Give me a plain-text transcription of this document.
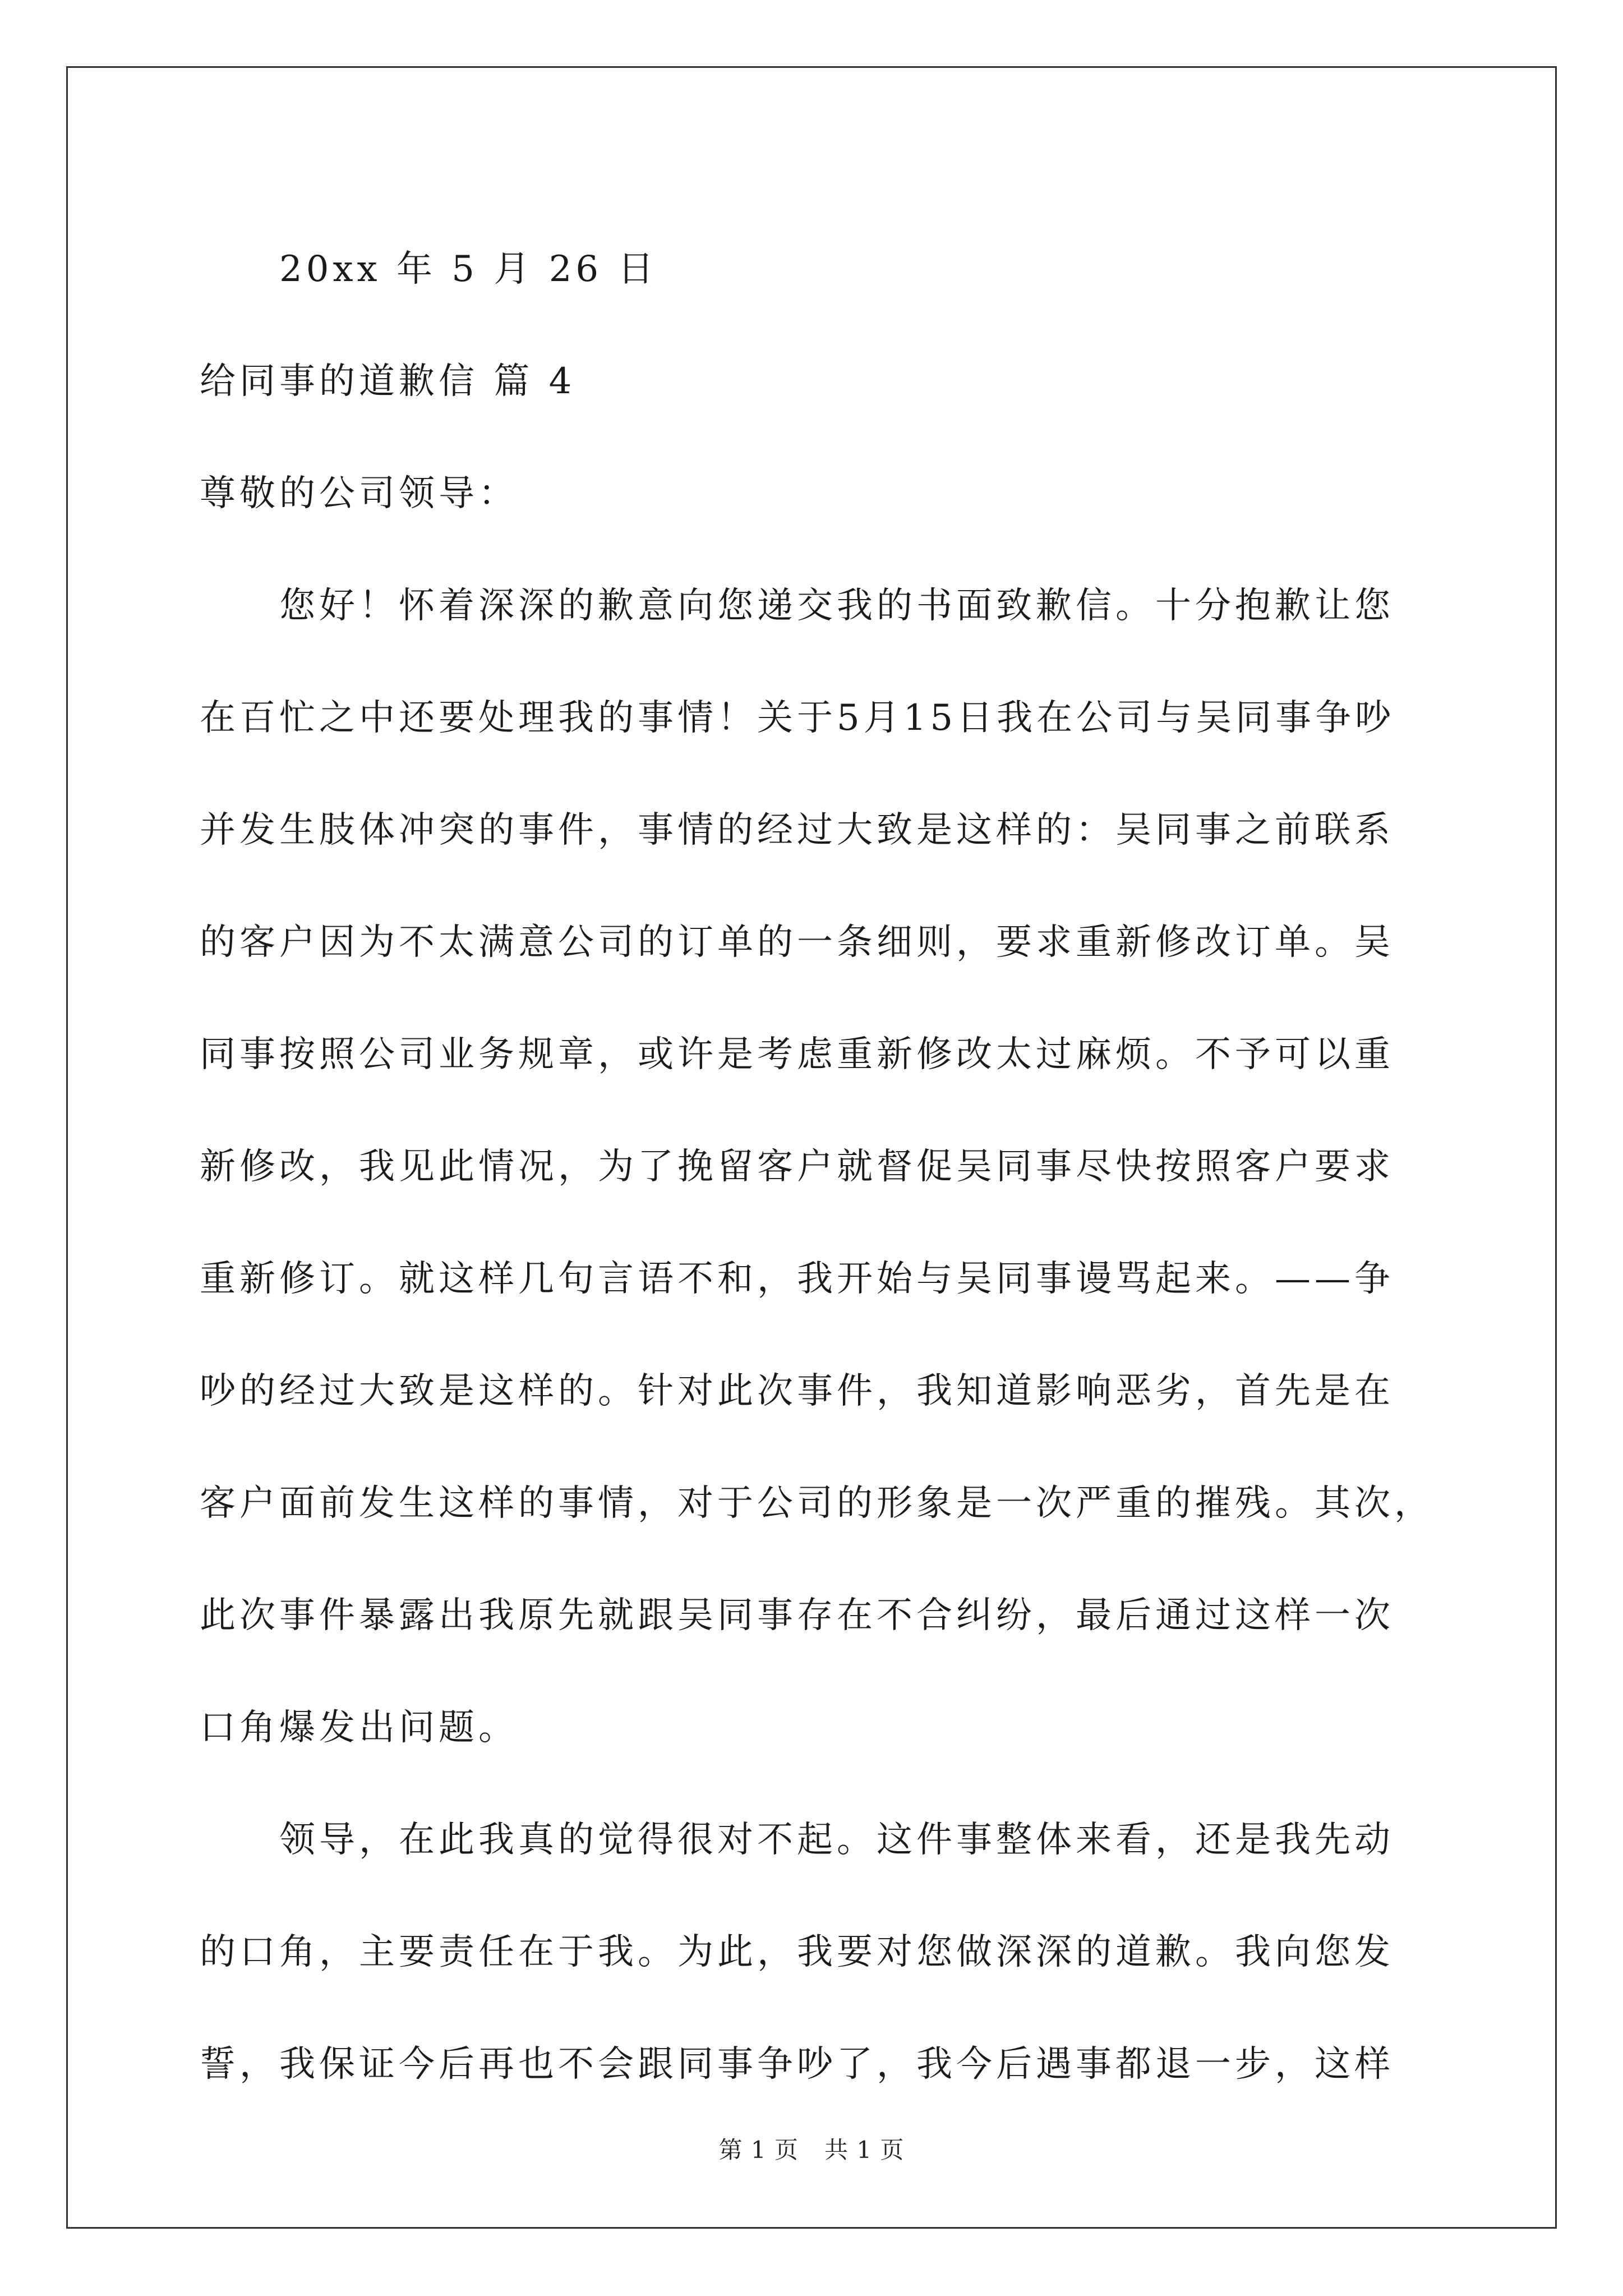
20xx 年 5 月 26 日
给同事的道歉信 篇 4
尊敬的公司领导：
您好！怀着深深的歉意向您递交我的书面致歉信。十分抱歉让您
在百忙之中还要处理我的事情！关于5月15日我在公司与吴同事争吵
并发生肢体冲突的事件，事情的经过大致是这样的：吴同事之前联系
的客户因为不太满意公司的订单的一条细则，要求重新修改订单。吴
同事按照公司业务规章，或许是考虑重新修改太过麻烦。不予可以重
新修改，我见此情况，为了挽留客户就督促吴同事尽快按照客户要求
重新修订。就这样几句言语不和，我开始与吴同事谩骂起来。——争
吵的经过大致是这样的。针对此次事件，我知道影响恶劣，首先是在
客户面前发生这样的事情，对于公司的形象是一次严重的摧残。其次，
此次事件暴露出我原先就跟吴同事存在不合纠纷，最后通过这样一次
口角爆发出问题。
领导，在此我真的觉得很对不起。这件事整体来看，还是我先动
的口角，主要责任在于我。为此，我要对您做深深的道歉。我向您发
誓，我保证今后再也不会跟同事争吵了，我今后遇事都退一步，这样
第 1 页 共 1 页
